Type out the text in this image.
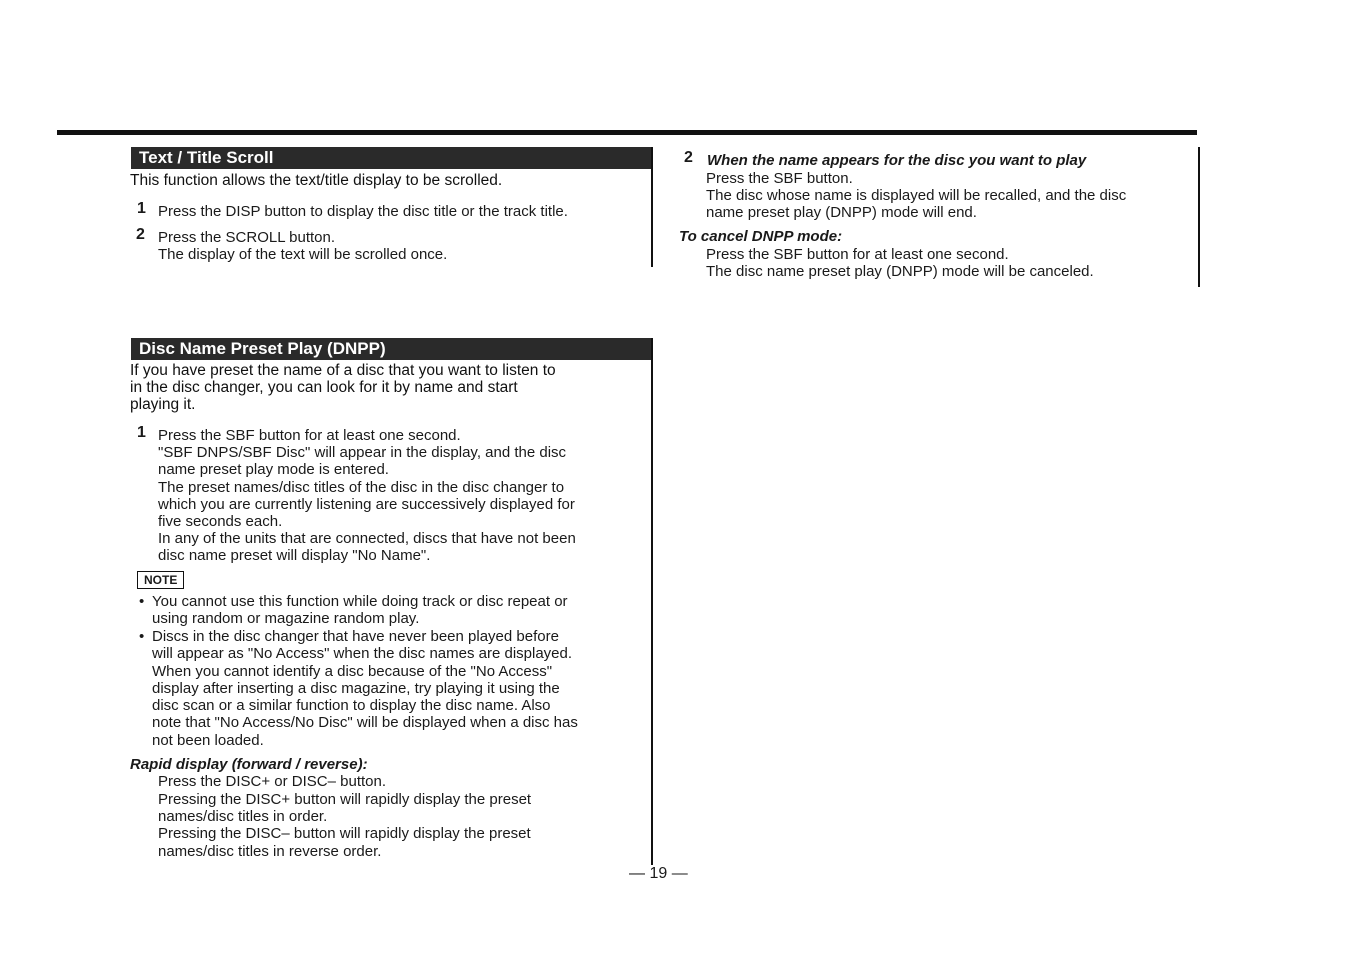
Text / Title Scroll

This function allows the text/title display to be scrolled.

1 Press the DISP button to display the disc title or the track title.

2 Press the SCROLL button.
The display of the text will be scrolled once.

Disc Name Preset Play (DNPP)

If you have preset the name of a disc that you want to listen to
in the disc changer, you can look for it by name and start
playing it.

1 Press the SBF button for at least one second.
"SBF DNPS/SBF Disc" will appear in the display, and the disc
name preset play mode is entered.
The preset names/disc titles of the disc in the disc changer to
which you are currently listening are successively displayed for
five seconds each.
In any of the units that are connected, discs that have not been
disc name preset will display "No Name".

NOTE
• You cannot use this function while doing track or disc repeat or
using random or magazine random play.

• Discs in the disc changer that have never been played before
will appear as "No Access" when the disc names are displayed.
When you cannot identify a disc because of the "No Access"
display after inserting a disc magazine, try playing it using the
disc scan or a similar function to display the disc name. Also
note that "No Access/No Disc" will be displayed when a disc has
not been loaded.

Rapid display (forward / reverse):

Press the DISC+ or DISC– button.

Pressing the DISC+ button will rapidly display the preset
names/disc titles in order.
Pressing the DISC– button will rapidly display the preset
names/disc titles in reverse order.

2 When the name appears for the disc you want to play

Press the SBF button.
The disc whose name is displayed will be recalled, and the disc
name preset play (DNPP) mode will end.

To cancel DNPP mode:

Press the SBF button for at least one second.
The disc name preset play (DNPP) mode will be canceled.

— 19 —
